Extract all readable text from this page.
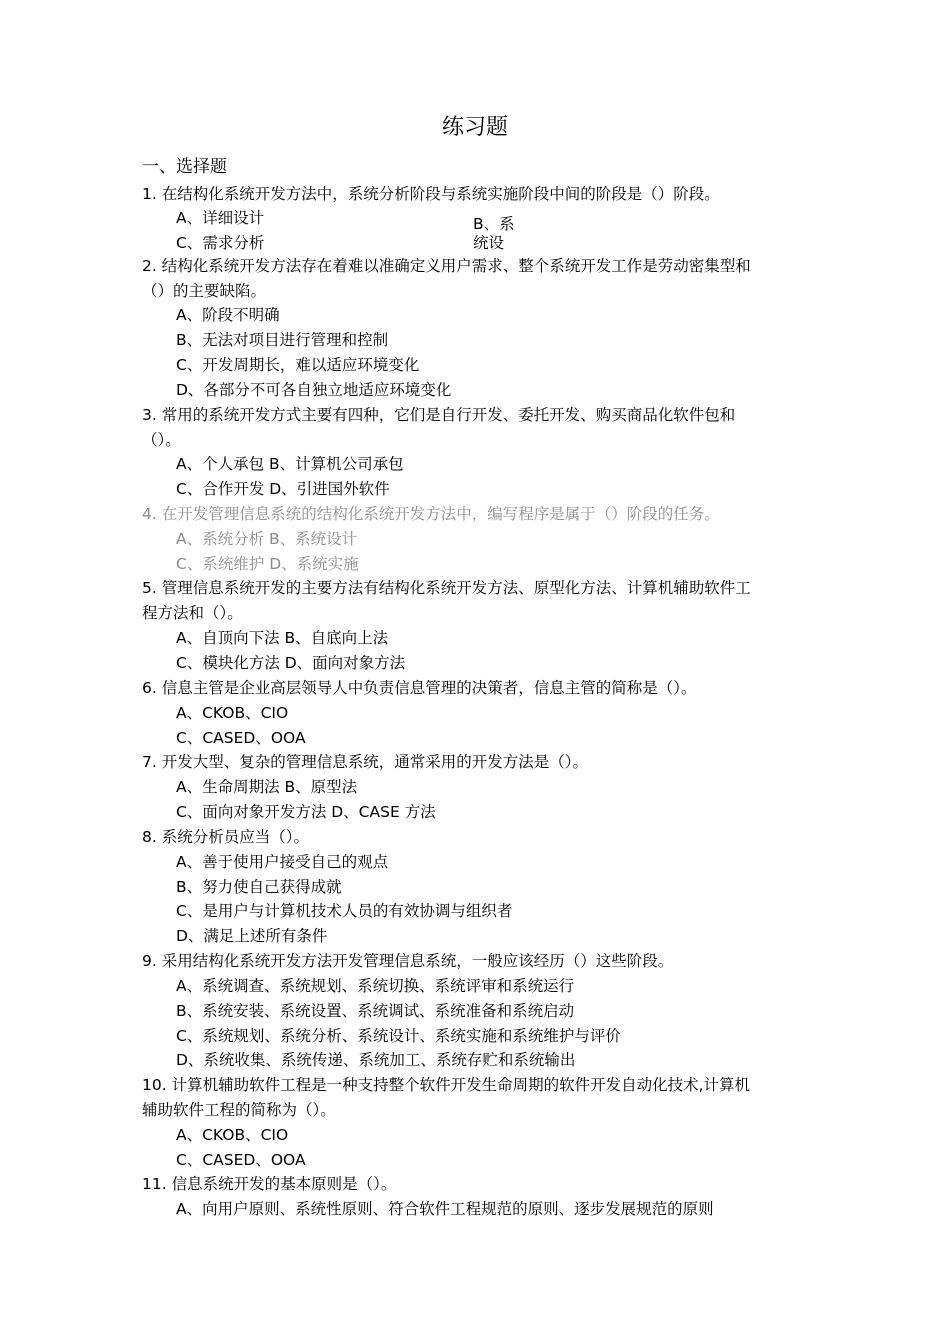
练习题
一、选择题
1. 在结构化系统开发方法中，系统分析阶段与系统实施阶段中间的阶段是（）阶段。
A、详细设计	B、系
C、需求分析	统设
2. 结构化系统开发方法存在着难以准确定义用户需求、整个系统开发工作是劳动密集型和
（）的主要缺陷。
A、阶段不明确
B、无法对项目进行管理和控制
C、开发周期长，难以适应环境变化
D、各部分不可各自独立地适应环境变化
3. 常用的系统开发方式主要有四种，它们是自行开发、委托开发、购买商品化软件包和
（）。
A、个人承包 B、计算机公司承包
C、合作开发 D、引进国外软件
4. 在开发管理信息系统的结构化系统开发方法中，编写程序是属于（）阶段的任务。
A、系统分析 B、系统设计
C、系统维护 D、系统实施
5. 管理信息系统开发的主要方法有结构化系统开发方法、原型化方法、计算机辅助软件工
程方法和（）。
A、自顶向下法 B、自底向上法
C、模块化方法 D、面向对象方法
6. 信息主管是企业高层领导人中负责信息管理的决策者，信息主管的简称是（）。
A、CKOB、CIO
C、CASED、OOA
7. 开发大型、复杂的管理信息系统，通常采用的开发方法是（）。
A、生命周期法 B、原型法
C、面向对象开发方法 D、CASE 方法
8. 系统分析员应当（）。
A、善于使用户接受自己的观点
B、努力使自己获得成就
C、是用户与计算机技术人员的有效协调与组织者
D、满足上述所有条件
9. 采用结构化系统开发方法开发管理信息系统，一般应该经历（）这些阶段。
A、系统调查、系统规划、系统切换、系统评审和系统运行
B、系统安装、系统设置、系统调试、系统准备和系统启动
C、系统规划、系统分析、系统设计、系统实施和系统维护与评价
D、系统收集、系统传递、系统加工、系统存贮和系统输出
10. 计算机辅助软件工程是一种支持整个软件开发生命周期的软件开发自动化技术,计算机
辅助软件工程的简称为（）。
A、CKOB、CIO
C、CASED、OOA
11. 信息系统开发的基本原则是（）。
A、向用户原则、系统性原则、符合软件工程规范的原则、逐步发展规范的原则
